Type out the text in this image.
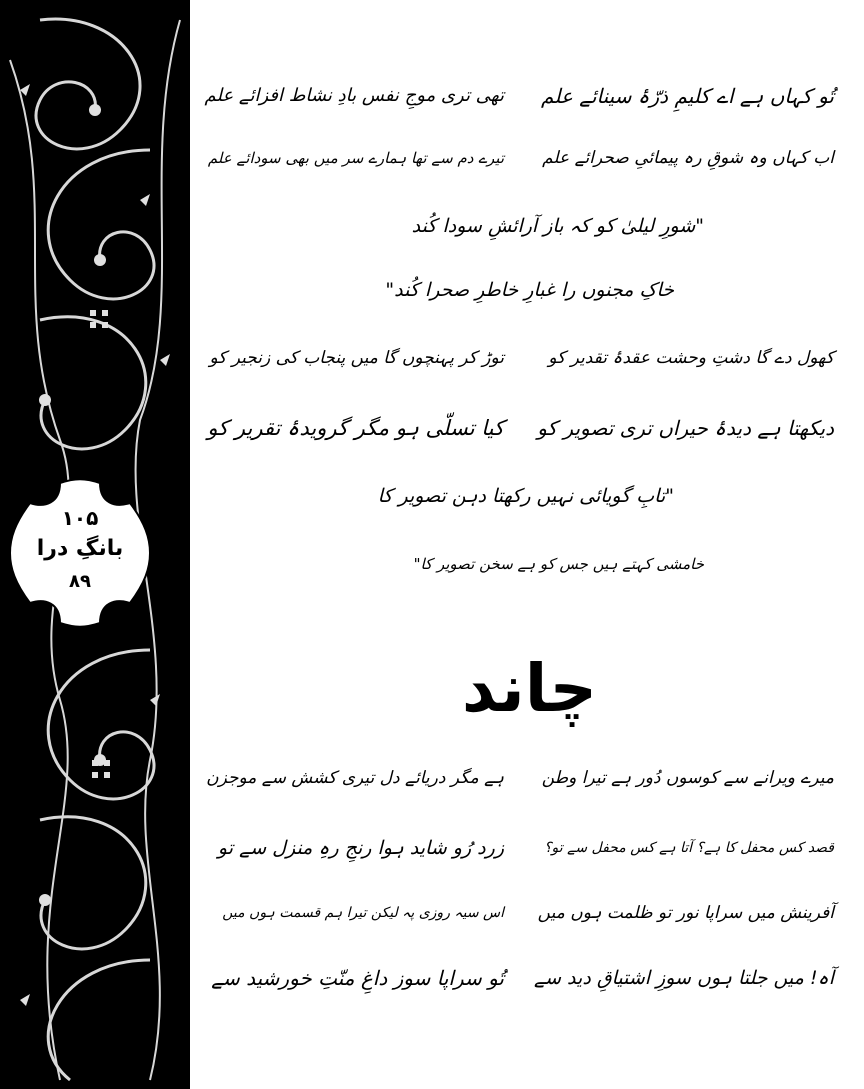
۱۰۵
بانگِ درا
۸۹
تُو کہاں ہے اے کلیمِ ذرّۂ سینائے علم
تھی تری موجِ نفس بادِ نشاط افزائے علم
اب کہاں وہ شوقِ رہ پیمائیِ صحرائے علم
تیرے دم سے تھا ہمارے سر میں بھی سودائے علم
"شورِ لیلیٰ کو کہ باز آرائشِ سودا کُند
خاکِ مجنوں را غبارِ خاطرِ صحرا کُند"
کھول دے گا دشتِ وحشت عقدۂ تقدیر کو
توڑ کر پہنچوں گا میں پنجاب کی زنجیر کو
دیکھتا ہے دیدۂ حیراں تری تصویر کو
کیا تسلّی ہو مگر گرویدۂ تقریر کو
"تابِ گویائی نہیں رکھتا دہن تصویر کا
خامشی کہتے ہیں جس کو ہے سخن تصویر کا"
چاند
میرے ویرانے سے کوسوں دُور ہے تیرا وطن
ہے مگر دریائے دل تیری کشش سے موجزن
قصد کس محفل کا ہے؟ آتا ہے کس محفل سے تو؟
زرد رُو شاید ہوا رنجِ رہِ منزل سے تو
آفرینش میں سراپا نور تو ظلمت ہوں میں
اس سیہ روزی پہ لیکن تیرا ہم قسمت ہوں میں
آہ! میں جلتا ہوں سوزِ اشتیاقِ دید سے
تُو سراپا سوز داغِ منّتِ خورشید سے
